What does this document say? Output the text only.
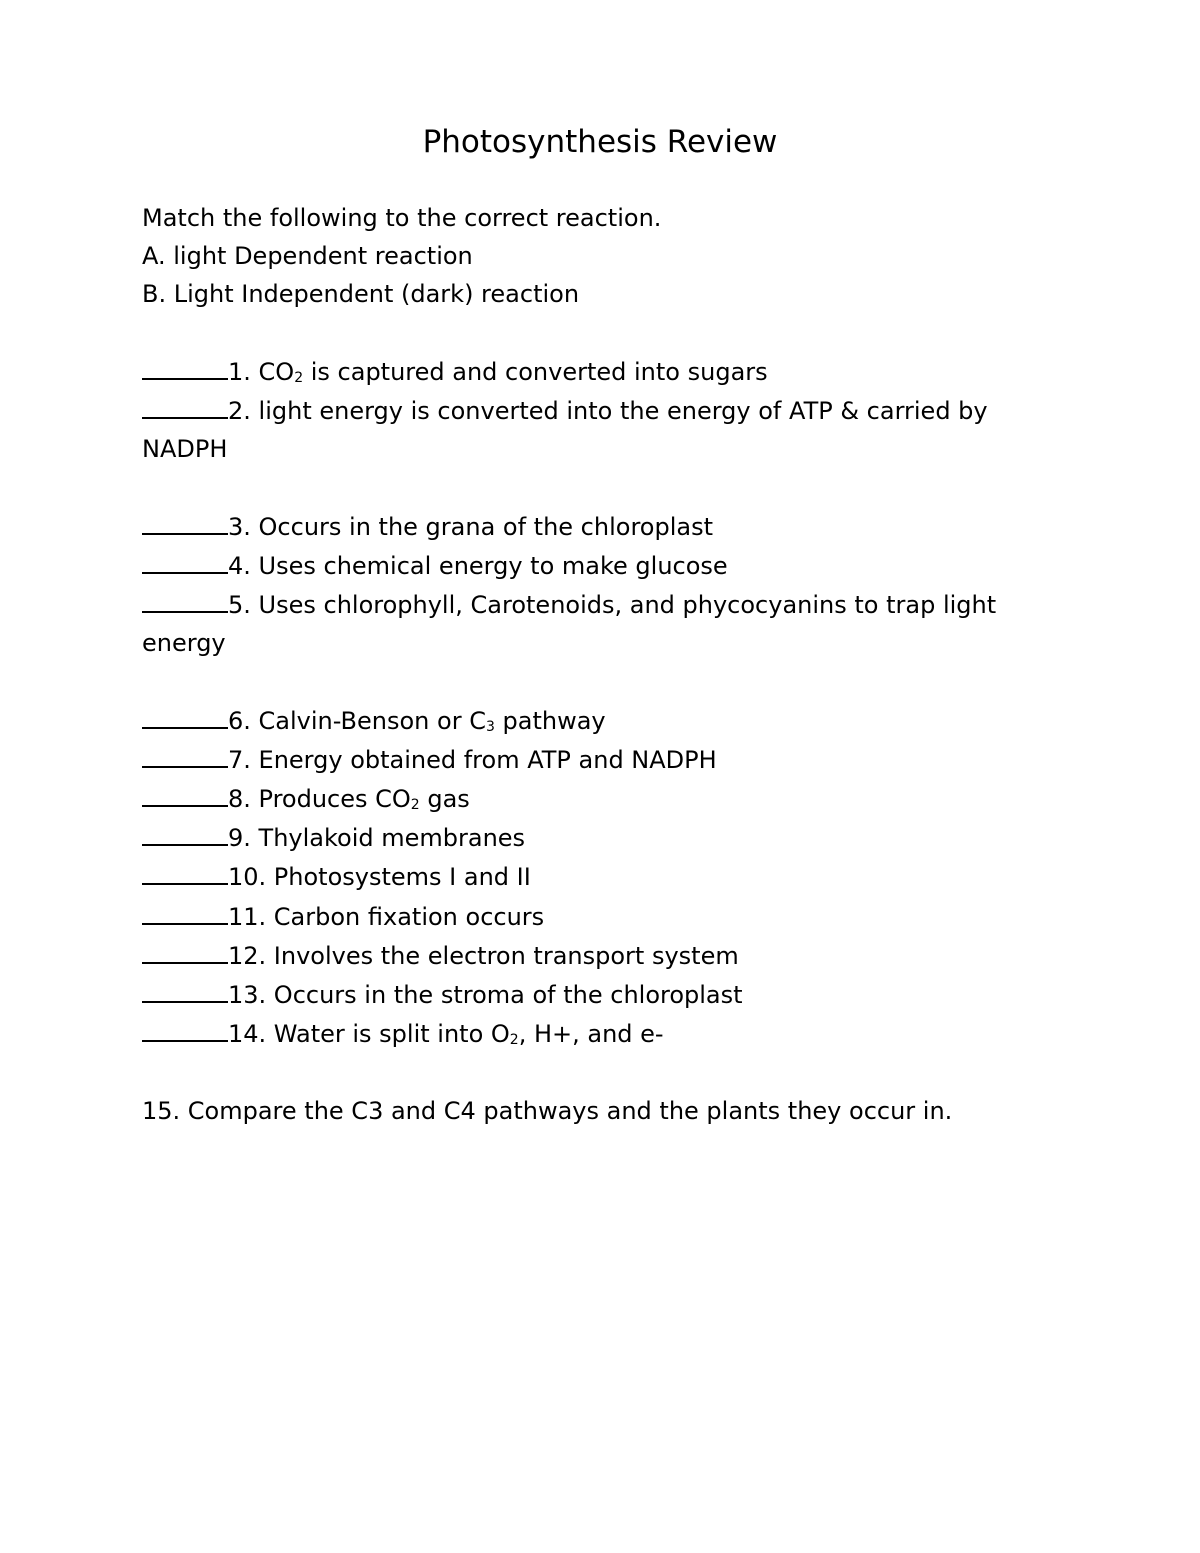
Photosynthesis Review

Match the following to the correct reaction.

A. light Dependent reaction

B. Light Independent (dark) reaction

1. $CO_2$ is captured and converted into sugars

2. light energy is converted into the energy of ATP & carried by NADPH

3. Occurs in the grana of the chloroplast

4. Uses chemical energy to make glucose

5. Uses chlorophyll, Carotenoids, and phycocyanins to trap light energy

6. Calvin-Benson or $C_3$ pathway

7. Energy obtained from ATP and NADPH

8. Produces $CO_2$ gas

9. Thylakoid membranes

10. Photosystems I and II

11. Carbon fixation occurs

12. Involves the electron transport system

13. Occurs in the stroma of the chloroplast

14. Water is split into $O_2$, H+, and e-

15. Compare the C3 and C4 pathways and the plants they occur in.
